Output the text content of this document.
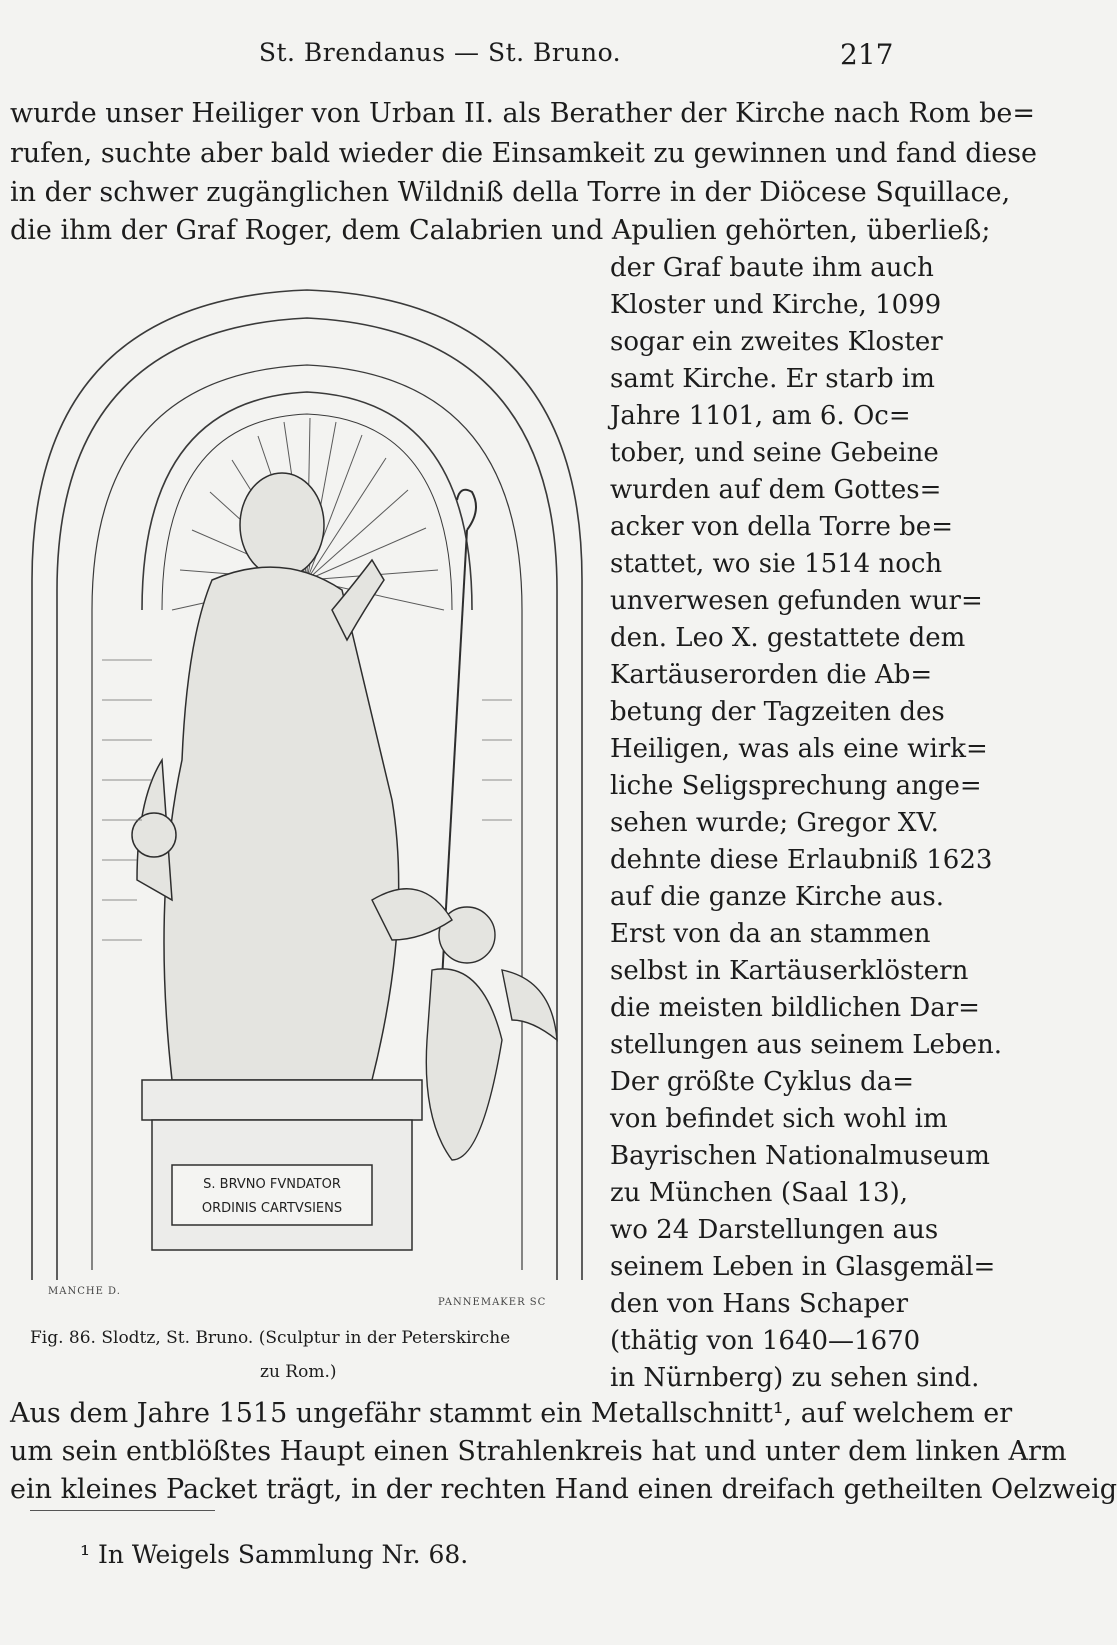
St. Brendanus — St. Bruno.	217
wurde unser Heiliger von Urban II. als Berather der Kirche nach Rom be=
rufen, suchte aber bald wieder die Einsamkeit zu gewinnen und fand diese
in der schwer zugänglichen Wildniß della Torre in der Diöcese Squillace,
die ihm der Graf Roger, dem Calabrien und Apulien gehörten, überließ;
der Graf baute ihm auch
Kloster und Kirche, 1099
sogar ein zweites Kloster
samt Kirche. Er starb im
Jahre 1101, am 6. Oc=
tober, und seine Gebeine
wurden auf dem Gottes=
acker von della Torre be=
stattet, wo sie 1514 noch
unverwesen gefunden wur=
den. Leo X. gestattete dem
Kartäuserorden die Ab=
betung der Tagzeiten des
Heiligen, was als eine wirk=
liche Seligsprechung ange=
sehen wurde; Gregor XV.
dehnte diese Erlaubniß 1623
auf die ganze Kirche aus.
Erst von da an stammen
selbst in Kartäuserklöstern
die meisten bildlichen Dar=
stellungen aus seinem Leben.
Der größte Cyklus da=
von befindet sich wohl im
Bayrischen Nationalmuseum
zu München (Saal 13),
wo 24 Darstellungen aus
seinem Leben in Glasgemäl=
den von Hans Schaper
(thätig von 1640—1670
in Nürnberg) zu sehen sind.
S. BRVNO FVNDATOR
ORDINIS CARTVSIENS
MANCHE D.
PANNEMAKER SC
Fig. 86. Slodtz, St. Bruno. (Sculptur in der Peterskirche
zu Rom.)
Aus dem Jahre 1515 ungefähr stammt ein Metallschnitt¹, auf welchem er
um sein entblößtes Haupt einen Strahlenkreis hat und unter dem linken Arm
ein kleines Packet trägt, in der rechten Hand einen dreifach getheilten Oelzweig
¹ In Weigels Sammlung Nr. 68.
